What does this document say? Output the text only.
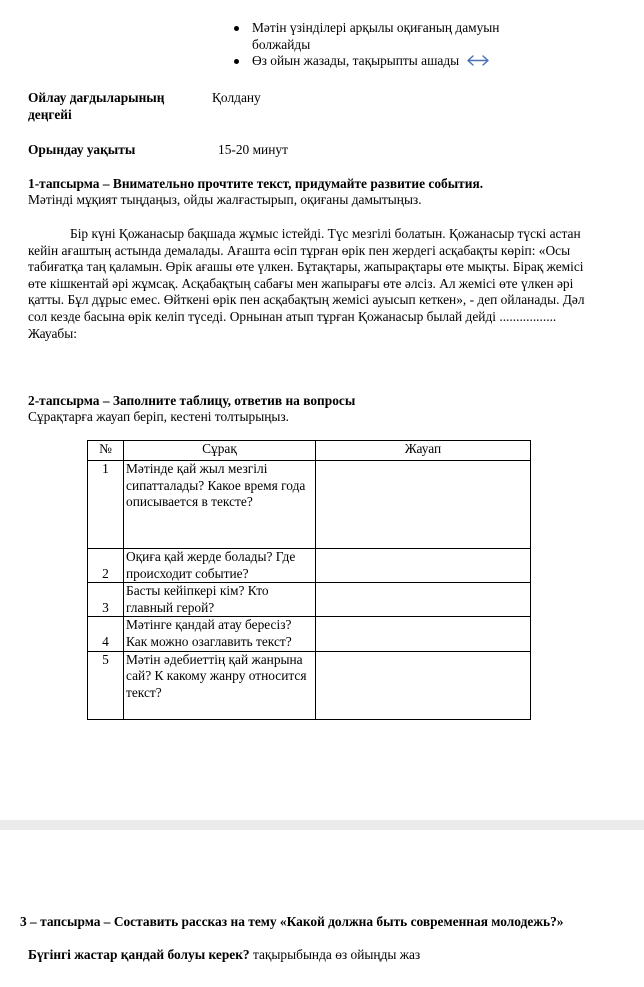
Мәтін үзінділері арқылы оқиғаның дамуын болжайды
Өз ойын жазады, тақырыпты ашады
Ойлау дағдыларының деңгейі
Қолдану
Орындау уақыты	15-20 минут
1-тапсырма – Внимательно прочтите текст, придумайте развитие события.
Мәтінді мұқият тыңдаңыз, ойды жалғастырып, оқиғаны дамытыңыз.
Бір күні Қожанасыр бақшада жұмыс істейді. Түс мезгілі болатын. Қожанасыр түскі астан кейін ағаштың астында демалады. Ағашта өсіп тұрған өрік пен жердегі асқабақты көріп: «Осы табиғатқа таң қаламын. Өрік ағашы өте үлкен. Бұтақтары, жапырақтары өте мықты. Бірақ жемісі өте кішкентай әрі жұмсақ. Асқабақтың сабағы мен жапырағы өте әлсіз. Ал жемісі өте үлкен әрі қатты. Бұл дұрыс емес. Өйткені өрік пен асқабақтың жемісі ауысып кеткен», - деп ойланады. Дәл сол кезде басына өрік келіп түседі. Орнынан атып тұрған Қожанасыр былай дейді ................. Жауабы:
2-тапсырма – Заполните таблицу, ответив на вопросы
Сұрақтарға жауап беріп, кестені толтырыңыз.
№	Сұрақ	Жауап
1	Мәтінде қай жыл мезгілі сипатталады? Какое время года описывается в тексте?	
2	Оқиға қай жерде болады? Где происходит событие?	
3	Басты кейіпкері кім? Кто главный герой?	
4	Мәтінге қандай атау бересіз? Как можно озаглавить текст?	
5	Мәтін әдебиеттің қай жанрына сай? К какому жанру относится текст?	
3 – тапсырма – Составить рассказ на тему «Какой должна быть современная молодежь?»
Бүгінгі жастар қандай болуы керек? тақырыбында өз ойыңды жаз
